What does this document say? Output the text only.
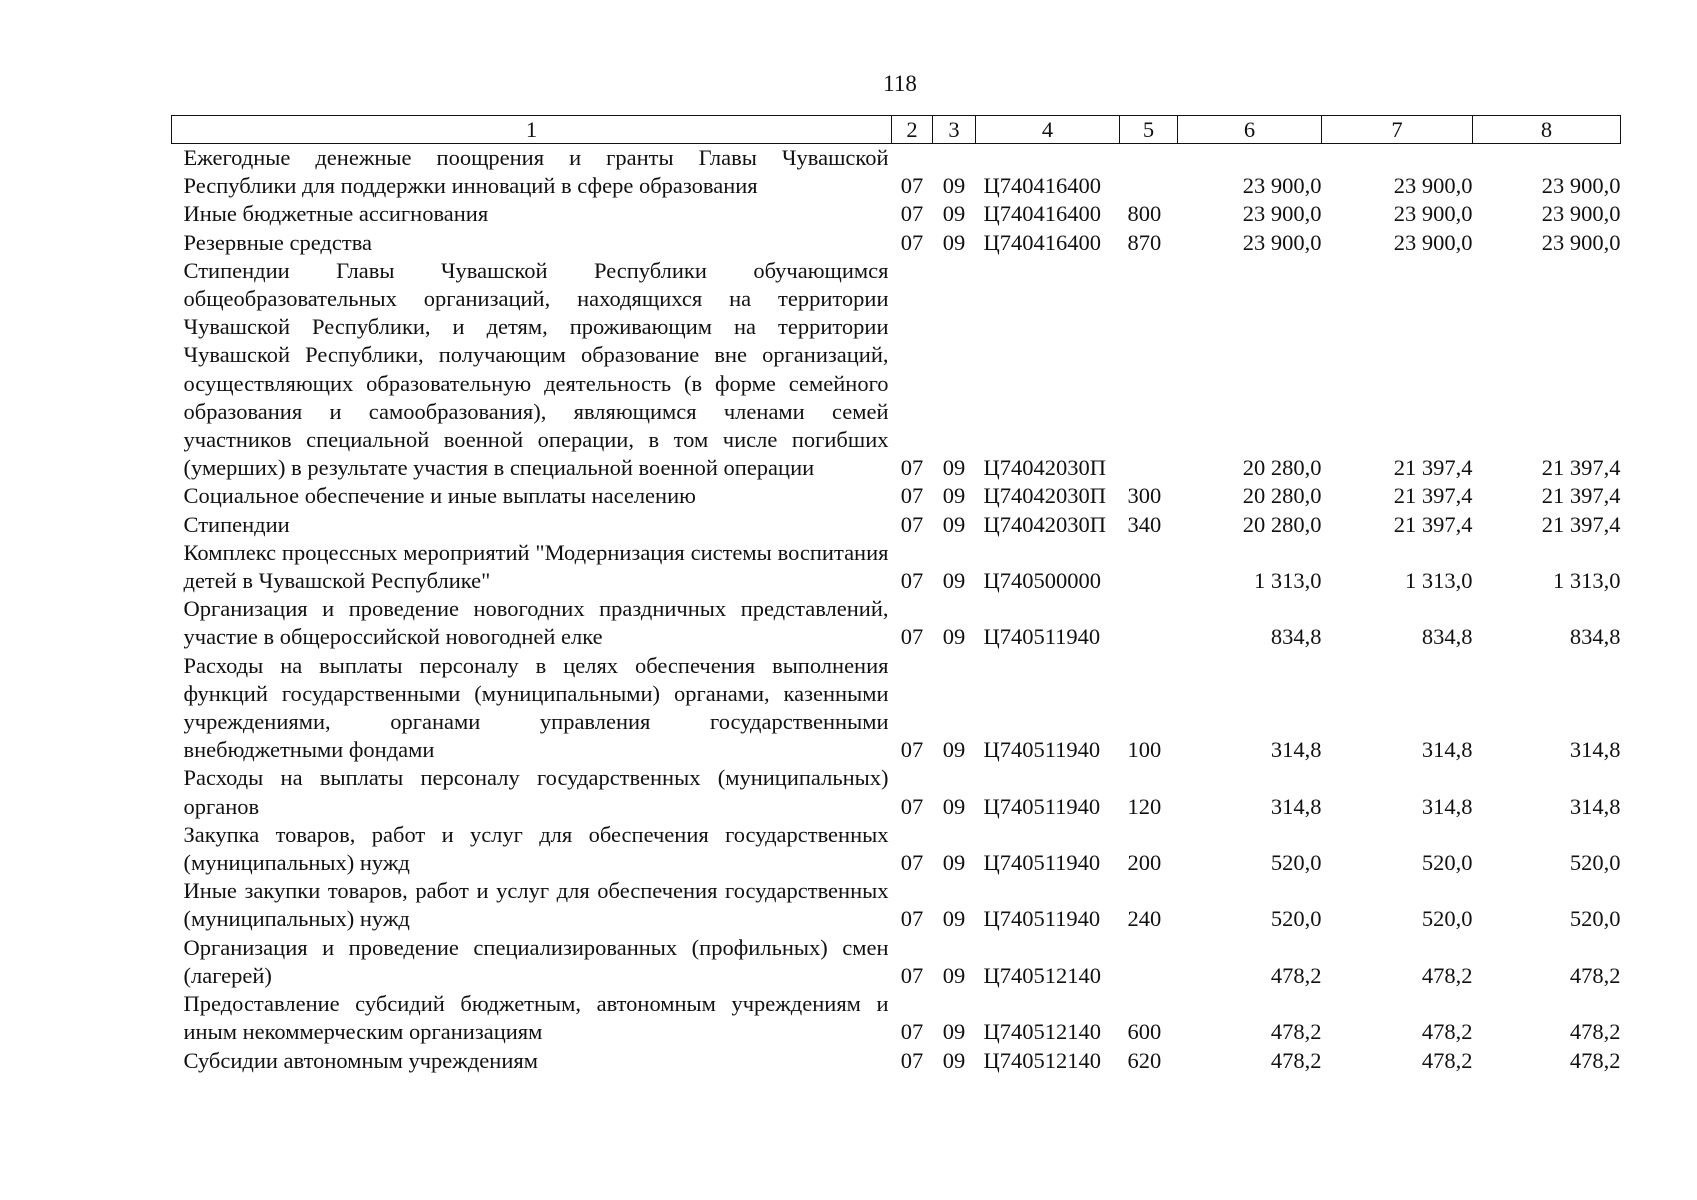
118
1	2	3	4	5	6	7	8
Ежегодные денежные поощрения и гранты Главы Чувашской Республики для поддержки инноваций в сфере образования	07	09	Ц740416400		23 900,0	23 900,0	23 900,0
Иные бюджетные ассигнования	07	09	Ц740416400	800	23 900,0	23 900,0	23 900,0
Резервные средства	07	09	Ц740416400	870	23 900,0	23 900,0	23 900,0
Стипендии Главы Чувашской Республики обучающимся общеобразовательных организаций, находящихся на территории Чувашской Республики, и детям, проживающим на территории Чувашской Республики, получающим образование вне организаций, осуществляющих образовательную деятельность (в форме семейного образования и самообразования), являющимся членами семей участников специальной военной операции, в том числе погибших (умерших) в результате участия в специальной военной операции	07	09	Ц74042030П		20 280,0	21 397,4	21 397,4
Социальное обеспечение и иные выплаты населению	07	09	Ц74042030П	300	20 280,0	21 397,4	21 397,4
Стипендии	07	09	Ц74042030П	340	20 280,0	21 397,4	21 397,4
Комплекс процессных мероприятий "Модернизация системы воспитания детей в Чувашской Республике"	07	09	Ц740500000		1 313,0	1 313,0	1 313,0
Организация и проведение новогодних праздничных представлений, участие в общероссийской новогодней елке	07	09	Ц740511940		834,8	834,8	834,8
Расходы на выплаты персоналу в целях обеспечения выполнения функций государственными (муниципальными) органами, казенными учреждениями, органами управления государственными внебюджетными фондами	07	09	Ц740511940	100	314,8	314,8	314,8
Расходы на выплаты персоналу государственных (муниципальных) органов	07	09	Ц740511940	120	314,8	314,8	314,8
Закупка товаров, работ и услуг для обеспечения государственных (муниципальных) нужд	07	09	Ц740511940	200	520,0	520,0	520,0
Иные закупки товаров, работ и услуг для обеспечения государственных (муниципальных) нужд	07	09	Ц740511940	240	520,0	520,0	520,0
Организация и проведение специализированных (профильных) смен (лагерей)	07	09	Ц740512140		478,2	478,2	478,2
Предоставление субсидий бюджетным, автономным учреждениям и иным некоммерческим организациям	07	09	Ц740512140	600	478,2	478,2	478,2
Субсидии автономным учреждениям	07	09	Ц740512140	620	478,2	478,2	478,2
